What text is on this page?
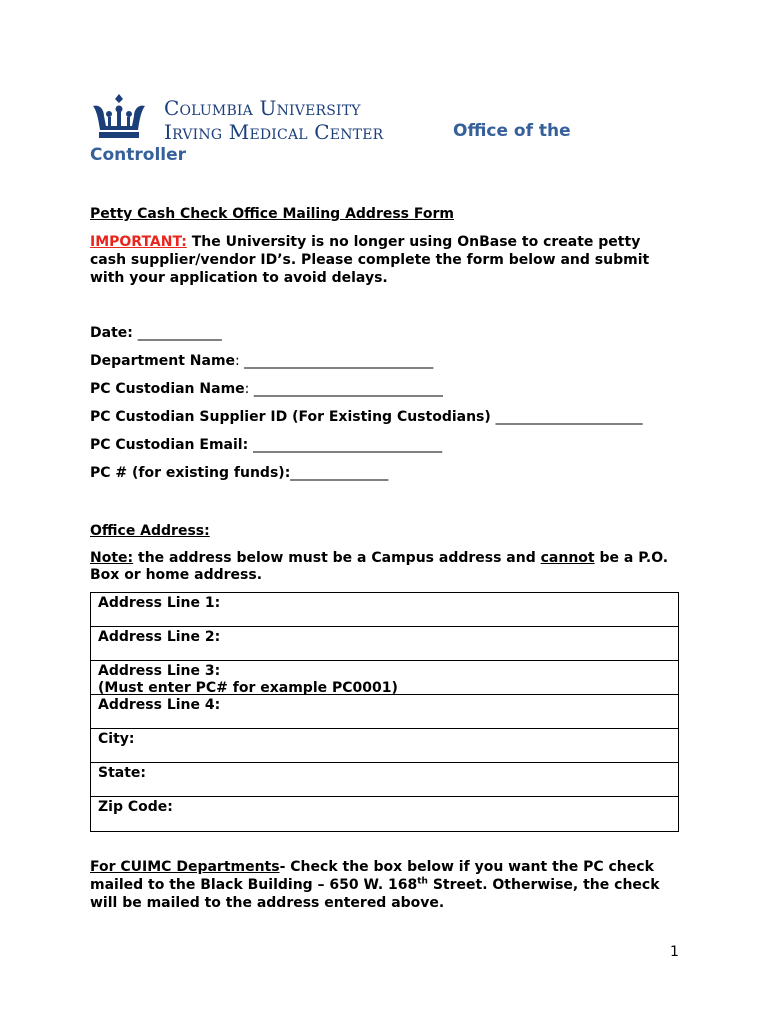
Columbia University
Irving Medical Center	Office of the
Controller
Petty Cash Check Office Mailing Address Form
IMPORTANT: The University is no longer using OnBase to create petty
cash supplier/vendor ID’s. Please complete the form below and submit
with your application to avoid delays.
Date: ____________
Department Name: ___________________________
PC Custodian Name: ___________________________
PC Custodian Supplier ID (For Existing Custodians) _____________________
PC Custodian Email: ___________________________
PC # (for existing funds):______________
Office Address:
Note: the address below must be a Campus address and cannot be a P.O.
Box or home address.
Address Line 1:
Address Line 2:
Address Line 3:
(Must enter PC# for example PC0001)
Address Line 4:
City:
State:
Zip Code:
For CUIMC Departments- Check the box below if you want the PC check
mailed to the Black Building – 650 W. 168th Street. Otherwise, the check
will be mailed to the address entered above.
1
